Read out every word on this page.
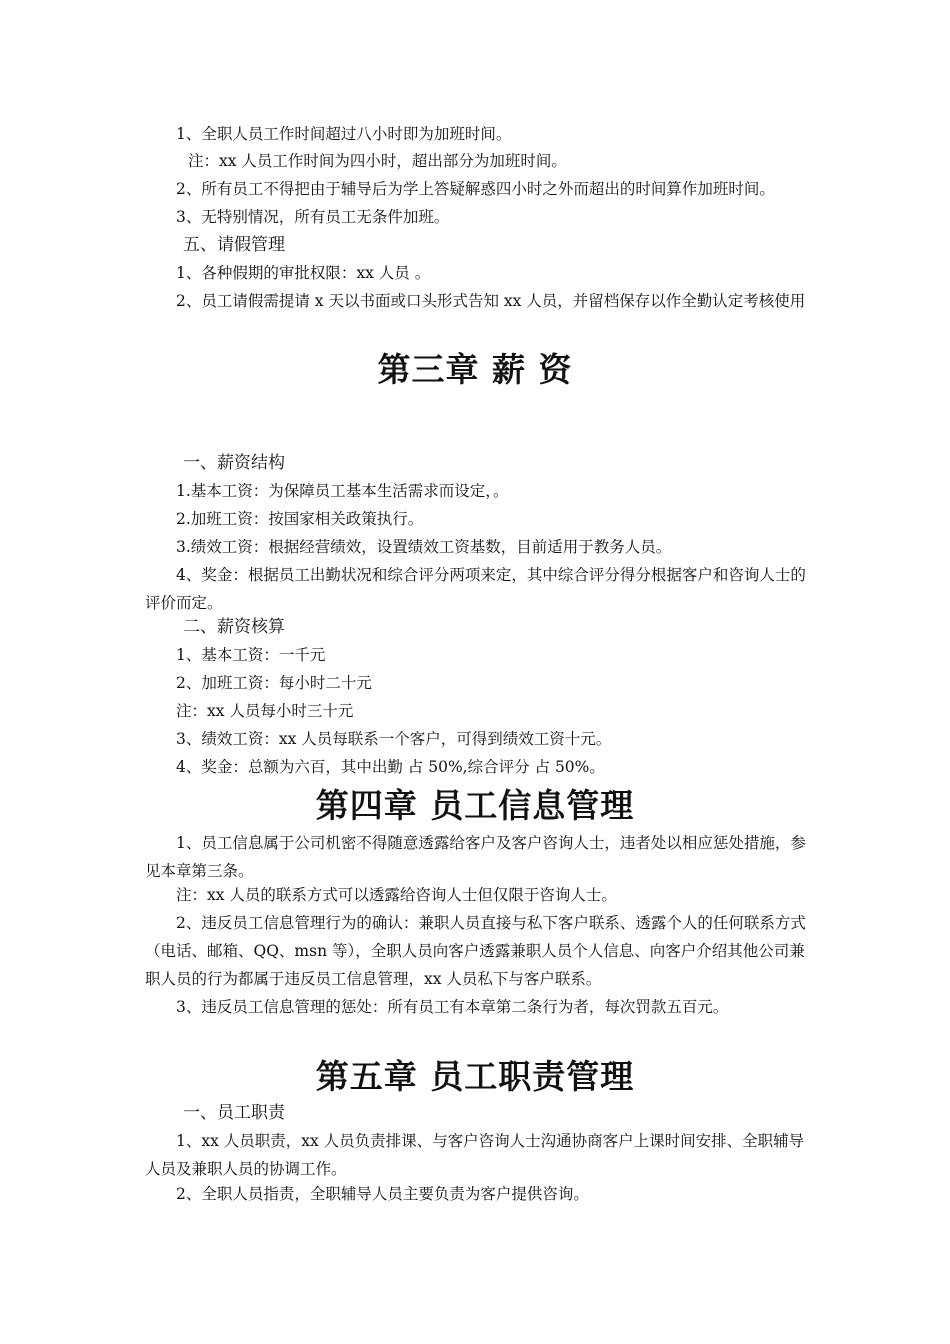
1、全职人员工作时间超过八小时即为加班时间。

注：xx 人员工作时间为四小时，超出部分为加班时间。

2、所有员工不得把由于辅导后为学上答疑解惑四小时之外而超出的时间算作加班时间。

3、无特别情况，所有员工无条件加班。

五、请假管理

1、各种假期的审批权限：xx 人员 。

2、员工请假需提请 x 天以书面或口头形式告知 xx 人员，并留档保存以作全勤认定考核使用

第三章 薪 资

一、薪资结构

1.基本工资：为保障员工基本生活需求而设定，。

2.加班工资：按国家相关政策执行。

3.绩效工资：根据经营绩效，设置绩效工资基数，目前适用于教务人员。

4、奖金：根据员工出勤状况和综合评分两项来定，其中综合评分得分根据客户和咨询人士的评价而定。

二、薪资核算

1、基本工资：一千元

2、加班工资：每小时二十元

注：xx 人员每小时三十元

3、绩效工资：xx 人员每联系一个客户，可得到绩效工资十元。

4、奖金：总额为六百，其中出勤 占 50%,综合评分 占 50%。

第四章 员工信息管理

1、员工信息属于公司机密不得随意透露给客户及客户咨询人士，违者处以相应惩处措施，参见本章第三条。

注：xx 人员的联系方式可以透露给咨询人士但仅限于咨询人士。

2、违反员工信息管理行为的确认：兼职人员直接与私下客户联系、透露个人的任何联系方式（电话、邮箱、QQ、msn 等），全职人员向客户透露兼职人员个人信息、向客户介绍其他公司兼职人员的行为都属于违反员工信息管理，xx 人员私下与客户联系。

3、违反员工信息管理的惩处：所有员工有本章第二条行为者，每次罚款五百元。

第五章 员工职责管理

一、员工职责

1、xx 人员职责，xx 人员负责排课、与客户咨询人士沟通协商客户上课时间安排、全职辅导人员及兼职人员的协调工作。

2、全职人员指责，全职辅导人员主要负责为客户提供咨询。
